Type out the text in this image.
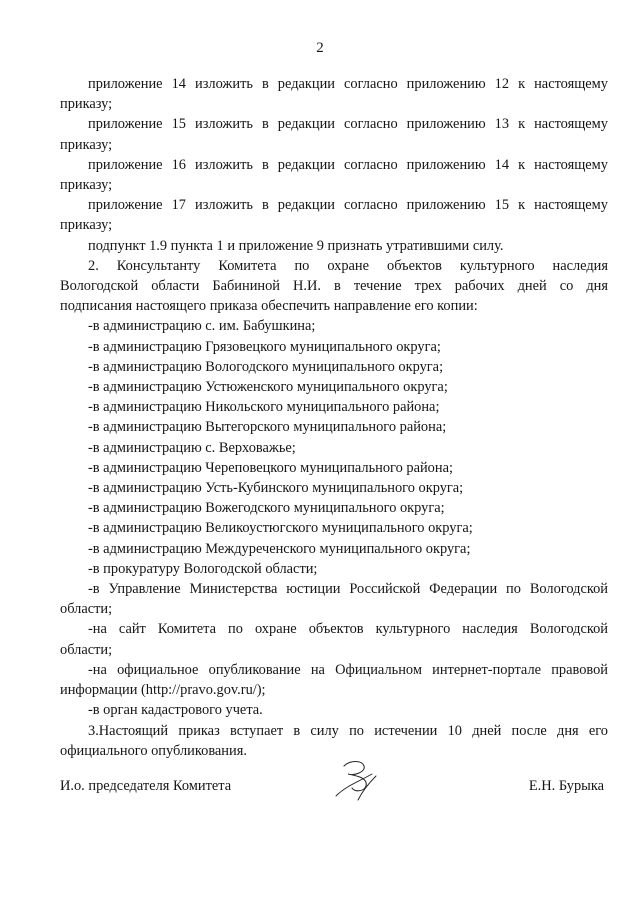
2

приложение 14 изложить в редакции согласно приложению 12 к настоящему

приказу;

приложение 15 изложить в редакции согласно приложению 13 к настоящему

приказу;

приложение 16 изложить в редакции согласно приложению 14 к настоящему

приказу;

приложение 17 изложить в редакции согласно приложению 15 к настоящему

приказу;

подпункт 1.9 пункта 1 и приложение 9 признать утратившими силу.

2. Консультанту Комитета по охране объектов культурного наследия

Вологодской области Бабининой Н.И. в течение трех рабочих дней со дня

подписания настоящего приказа обеспечить направление его копии:

-в администрацию с. им. Бабушкина;

-в администрацию Грязовецкого муниципального округа;

-в администрацию Вологодского муниципального округа;

-в администрацию Устюженского муниципального округа;

-в администрацию Никольского муниципального района;

-в администрацию Вытегорского муниципального района;

-в администрацию с. Верховажье;

-в администрацию Череповецкого муниципального района;

-в администрацию Усть-Кубинского муниципального округа;

-в администрацию Вожегодского муниципального округа;

-в администрацию Великоустюгского муниципального округа;

-в администрацию Междуреченского муниципального округа;

-в прокуратуру Вологодской области;

-в Управление Министерства юстиции Российской Федерации по Вологодской

области;

-на сайт Комитета по охране объектов культурного наследия Вологодской

области;

-на официальное опубликование на Официальном интернет-портале правовой

информации (http://pravo.gov.ru/);

-в орган кадастрового учета.

3.Настоящий приказ вступает в силу по истечении 10 дней после дня его

официального опубликования.

И.о. председателя Комитета	Е.Н. Бурыка
